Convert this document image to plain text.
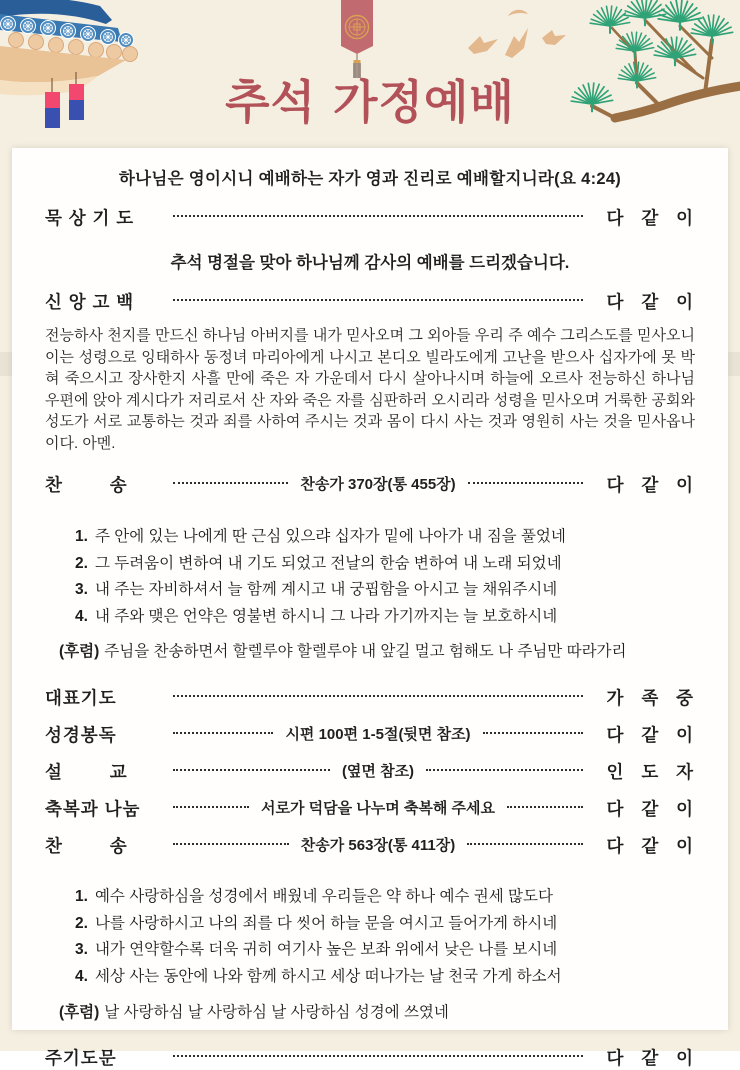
추석 가정예배

하나님은 영이시니 예배하는 자가 영과 진리로 예배할지니라(요 4:24)

묵 상 기 도	다 같 이

추석 명절을 맞아 하나님께 감사의 예배를 드리겠습니다.

신 앙 고 백	다 같 이

전능하사 천지를 만드신 하나님 아버지를 내가 믿사오며 그 외아들 우리 주 예수 그리스도를 믿사오니 이는 성령으로 잉태하사 동정녀 마리아에게 나시고 본디오 빌라도에게 고난을 받으사 십자가에 못 박혀 죽으시고 장사한지 사흘 만에 죽은 자 가운데서 다시 살아나시며 하늘에 오르사 전능하신 하나님 우편에 앉아 계시다가 저리로서 산 자와 죽은 자를 심판하러 오시리라 성령을 믿사오며 거룩한 공회와 성도가 서로 교통하는 것과 죄를 사하여 주시는 것과 몸이 다시 사는 것과 영원히 사는 것을 믿사옵나이다. 아멘.

찬        송	찬송가 370장(통 455장)	다 같 이
1. 주 안에 있는 나에게 딴 근심 있으랴 십자가 밑에 나아가 내 짐을 풀었네
2. 그 두려움이 변하여 내 기도 되었고 전날의 한숨 변하여 내 노래 되었네
3. 내 주는 자비하셔서 늘 함께 계시고 내 궁핍함을 아시고 늘 채워주시네
4. 내 주와 맺은 언약은 영불변 하시니 그 나라 가기까지는 늘 보호하시네
(후렴) 주님을 찬송하면서 할렐루야 할렐루야 내 앞길 멀고 험해도 나 주님만 따라가리
대표기도	가 족 중
성경봉독	시편 100편 1-5절(뒷면 참조)	다 같 이
설        교	(옆면 참조)	인 도 자
축복과 나눔	서로가 덕담을 나누며 축복해 주세요	다 같 이
찬        송	찬송가 563장(통 411장)	다 같 이
1. 예수 사랑하심을 성경에서 배웠네 우리들은 약 하나 예수 권세 많도다
2. 나를 사랑하시고 나의 죄를 다 씻어 하늘 문을 여시고 들어가게 하시네
3. 내가 연약할수록 더욱 귀히 여기사 높은 보좌 위에서 낮은 나를 보시네
4. 세상 사는 동안에 나와 함께 하시고 세상 떠나가는 날 천국 가게 하소서
(후렴) 날 사랑하심 날 사랑하심 날 사랑하심 성경에 쓰였네
주기도문	다 같 이
